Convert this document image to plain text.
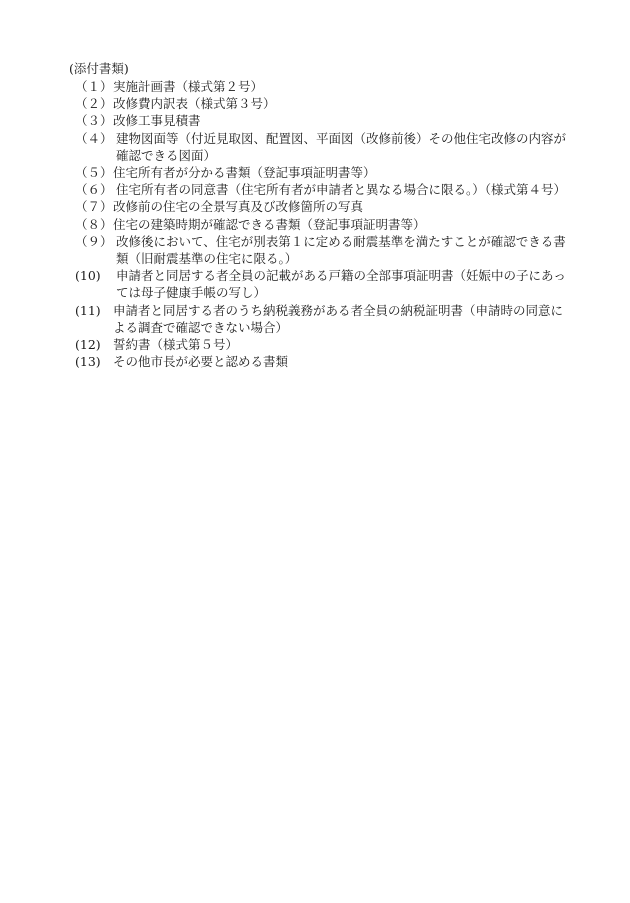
(添付書類)
（１） 実施計画書（様式第２号）
（２） 改修費内訳表（様式第３号）
（３） 改修工事見積書
（４） 建物図面等（付近見取図、配置図、平面図（改修前後）その他住宅改修の内容が確認できる図面）
（５） 住宅所有者が分かる書類（登記事項証明書等）
（６） 住宅所有者の同意書（住宅所有者が申請者と異なる場合に限る。）（様式第４号）
（７） 改修前の住宅の全景写真及び改修箇所の写真
（８） 住宅の建築時期が確認できる書類（登記事項証明書等）
（９） 改修後において、住宅が別表第１に定める耐震基準を満たすことが確認できる書類（旧耐震基準の住宅に限る。）
(10) 申請者と同居する者全員の記載がある戸籍の全部事項証明書（妊娠中の子にあっては母子健康手帳の写し）
(11) 申請者と同居する者のうち納税義務がある者全員の納税証明書（申請時の同意による調査で確認できない場合）
(12) 誓約書（様式第５号）
(13) その他市長が必要と認める書類
